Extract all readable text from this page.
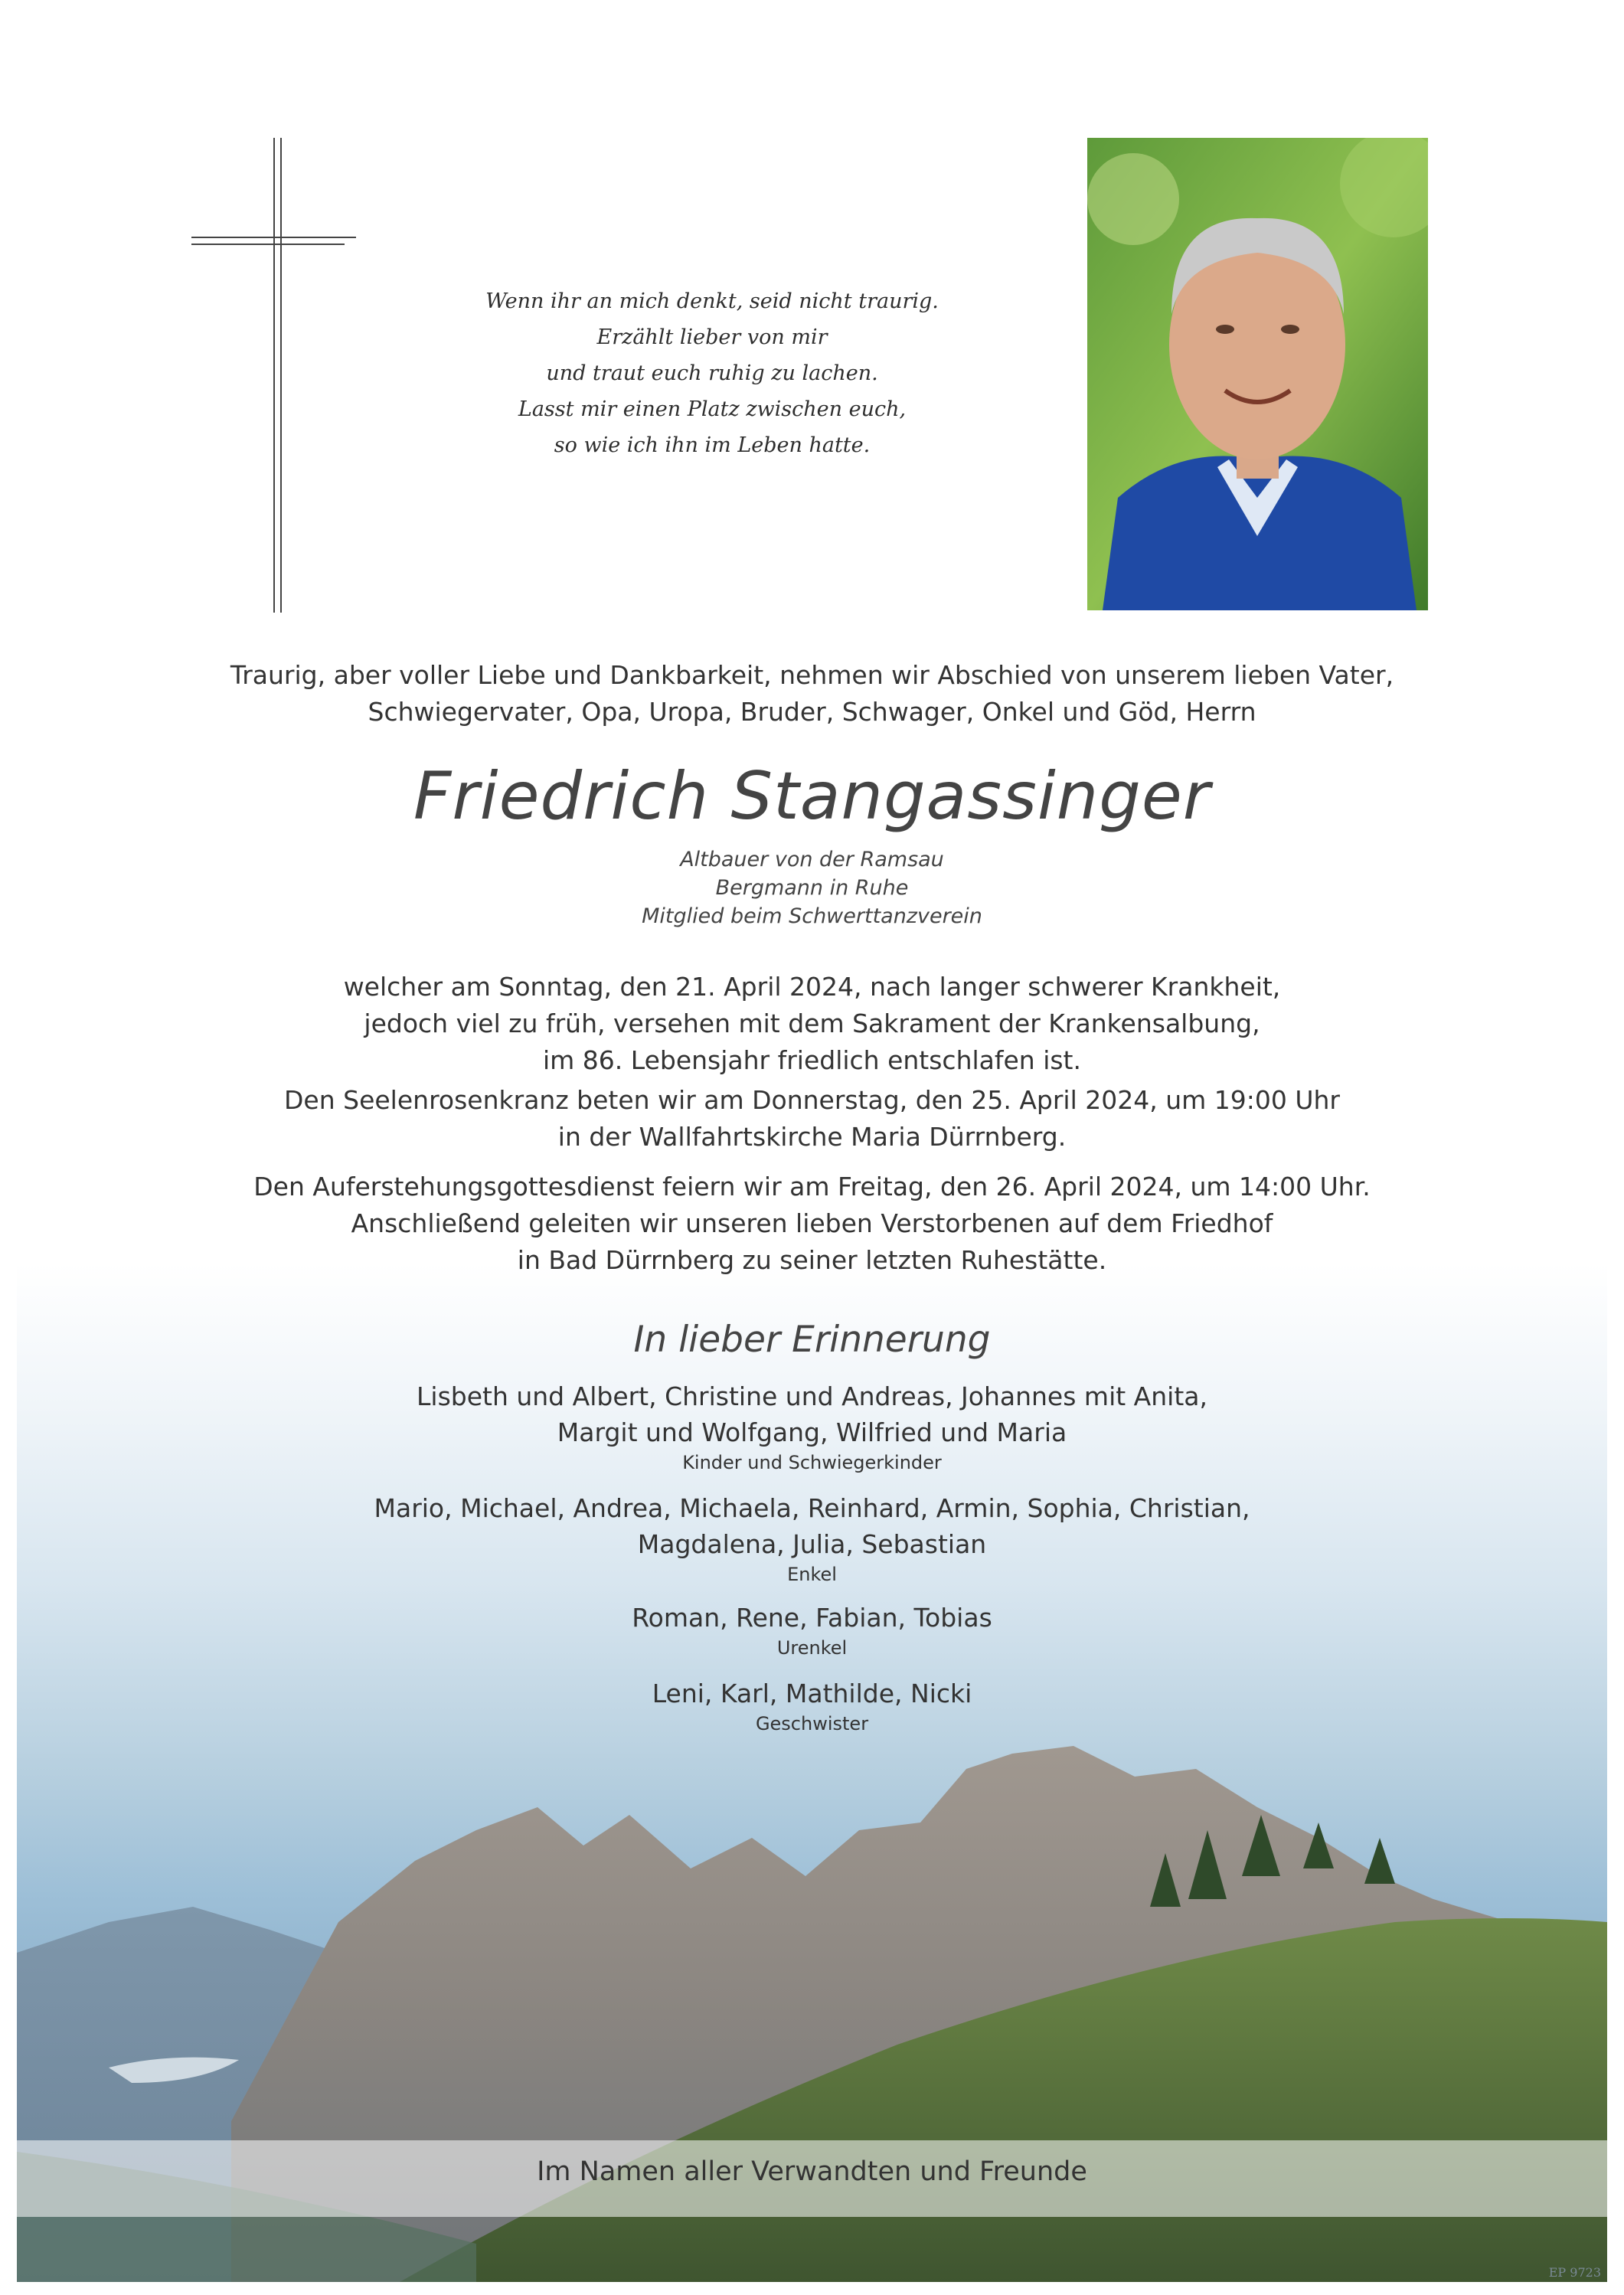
Wenn ihr an mich denkt, seid nicht traurig.
Erzählt lieber von mir
und traut euch ruhig zu lachen.
Lasst mir einen Platz zwischen euch,
so wie ich ihn im Leben hatte.
Traurig, aber voller Liebe und Dankbarkeit, nehmen wir Abschied von unserem lieben Vater,
Schwiegervater, Opa, Uropa, Bruder, Schwager, Onkel und Göd, Herrn
Friedrich Stangassinger
Altbauer von der Ramsau
Bergmann in Ruhe
Mitglied beim Schwerttanzverein
welcher am Sonntag, den 21. April 2024, nach langer schwerer Krankheit,
jedoch viel zu früh, versehen mit dem Sakrament der Krankensalbung,
im 86. Lebensjahr friedlich entschlafen ist.
Den Seelenrosenkranz beten wir am Donnerstag, den 25. April 2024, um 19:00 Uhr
in der Wallfahrtskirche Maria Dürrnberg.
Den Auferstehungsgottesdienst feiern wir am Freitag, den 26. April 2024, um 14:00 Uhr.
Anschließend geleiten wir unseren lieben Verstorbenen auf dem Friedhof
in Bad Dürrnberg zu seiner letzten Ruhestätte.
In lieber Erinnerung
Lisbeth und Albert, Christine und Andreas, Johannes mit Anita,
Margit und Wolfgang, Wilfried und Maria
Kinder und Schwiegerkinder
Mario, Michael, Andrea, Michaela, Reinhard, Armin, Sophia, Christian,
Magdalena, Julia, Sebastian
Enkel
Roman, Rene, Fabian, Tobias
Urenkel
Leni, Karl, Mathilde, Nicki
Geschwister
Im Namen aller Verwandten und Freunde
EP 9723
